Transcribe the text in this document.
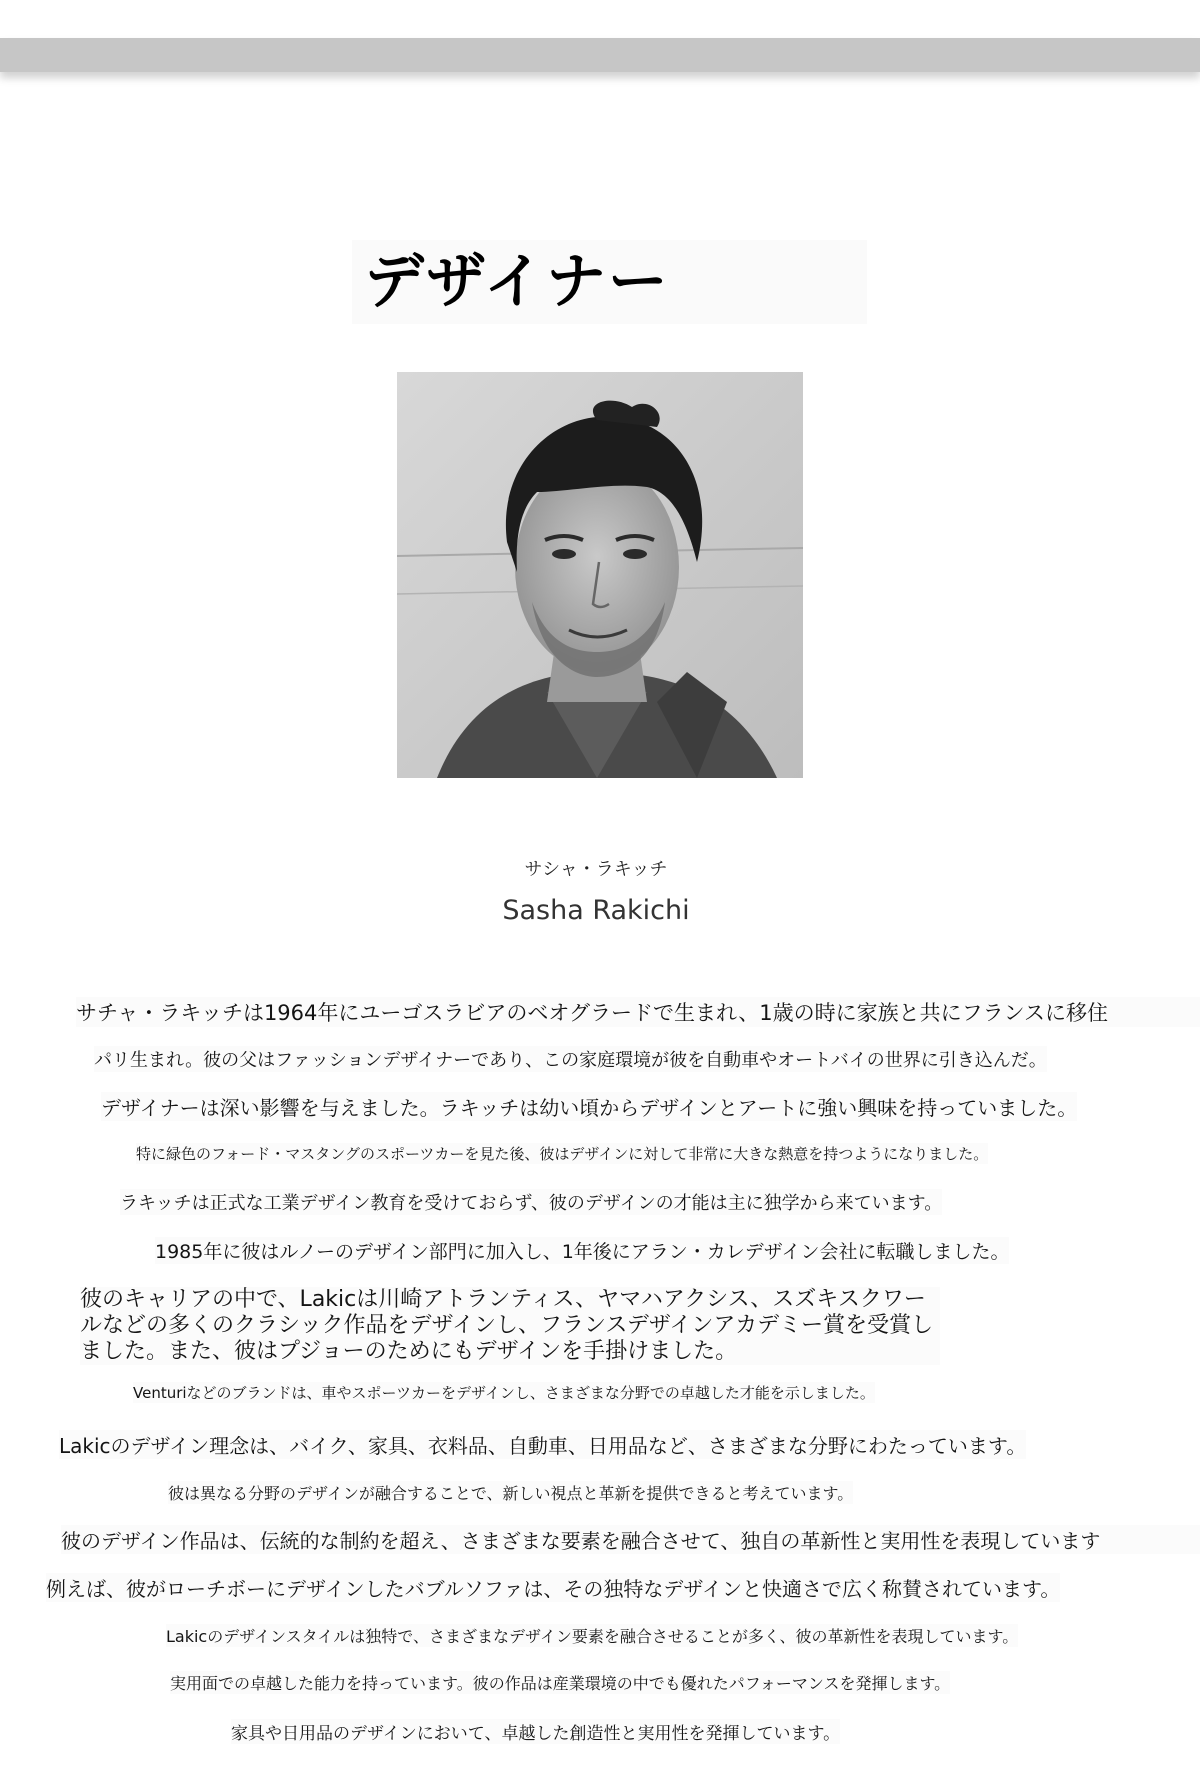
デザイナー
サシャ・ラキッチ
Sasha Rakichi
サチャ・ラキッチは1964年にユーゴスラビアのベオグラードで生まれ、1歳の時に家族と共にフランスに移住
パリ生まれ。彼の父はファッションデザイナーであり、この家庭環境が彼を自動車やオートバイの世界に引き込んだ。
デザイナーは深い影響を与えました。ラキッチは幼い頃からデザインとアートに強い興味を持っていました。
特に緑色のフォード・マスタングのスポーツカーを見た後、彼はデザインに対して非常に大きな熱意を持つようになりました。
ラキッチは正式な工業デザイン教育を受けておらず、彼のデザインの才能は主に独学から来ています。
1985年に彼はルノーのデザイン部門に加入し、1年後にアラン・カレデザイン会社に転職しました。
彼のキャリアの中で、Lakicは川崎アトランティス、ヤマハアクシス、スズキスクワールなどの多くのクラシック作品をデザインし、フランスデザインアカデミー賞を受賞しました。また、彼はプジョーのためにもデザインを手掛けました。
Venturiなどのブランドは、車やスポーツカーをデザインし、さまざまな分野での卓越した才能を示しました。
Lakicのデザイン理念は、バイク、家具、衣料品、自動車、日用品など、さまざまな分野にわたっています。
彼は異なる分野のデザインが融合することで、新しい視点と革新を提供できると考えています。
彼のデザイン作品は、伝統的な制約を超え、さまざまな要素を融合させて、独自の革新性と実用性を表現しています
例えば、彼がローチボーにデザインしたバブルソファは、その独特なデザインと快適さで広く称賛されています。
Lakicのデザインスタイルは独特で、さまざまなデザイン要素を融合させることが多く、彼の革新性を表現しています。
実用面での卓越した能力を持っています。彼の作品は産業環境の中でも優れたパフォーマンスを発揮します。
家具や日用品のデザインにおいて、卓越した創造性と実用性を発揮しています。
